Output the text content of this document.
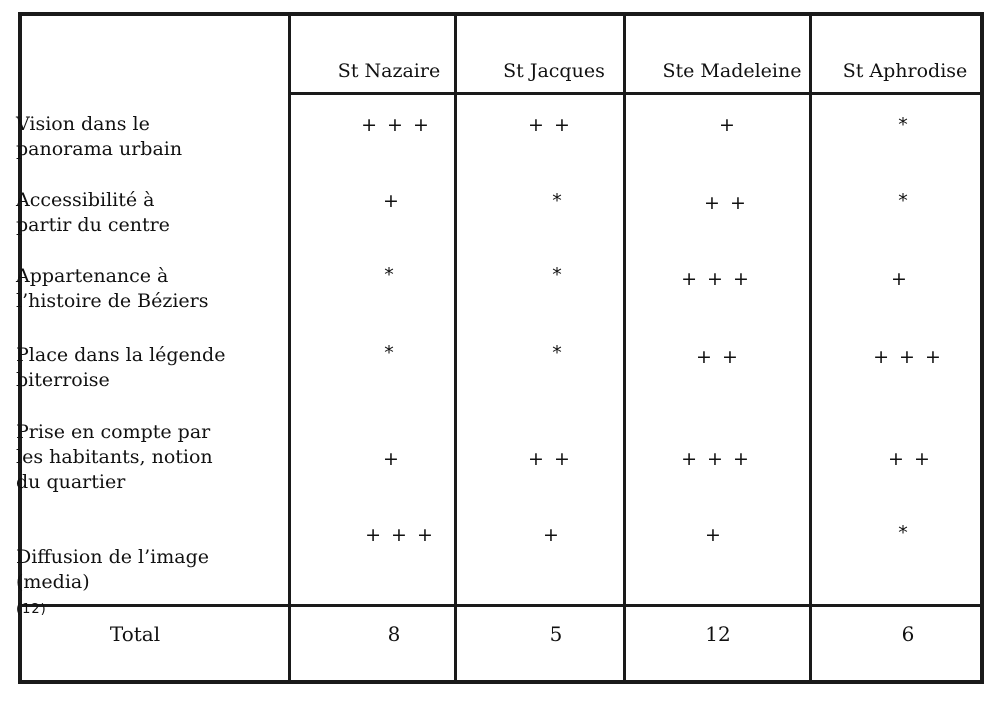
St Nazaire	St Jacques	Ste Madeleine	St Aphrodise
Vision dans le
panorama urbain
+ + +	+ +	+	*
Accessibilité à
partir du centre
+	*	+ +	*
Appartenance à
l’histoire de Béziers
*	*	+ + +	+
Place dans la légende
biterroise
*	*	+ +	+ + +
Prise en compte par
les habitants, notion
du quartier
+	+ +	+ + +	+ +

Diffusion de l’image
(media)
(12)

+ + +	+	+	*
Total	8	5	12	6
